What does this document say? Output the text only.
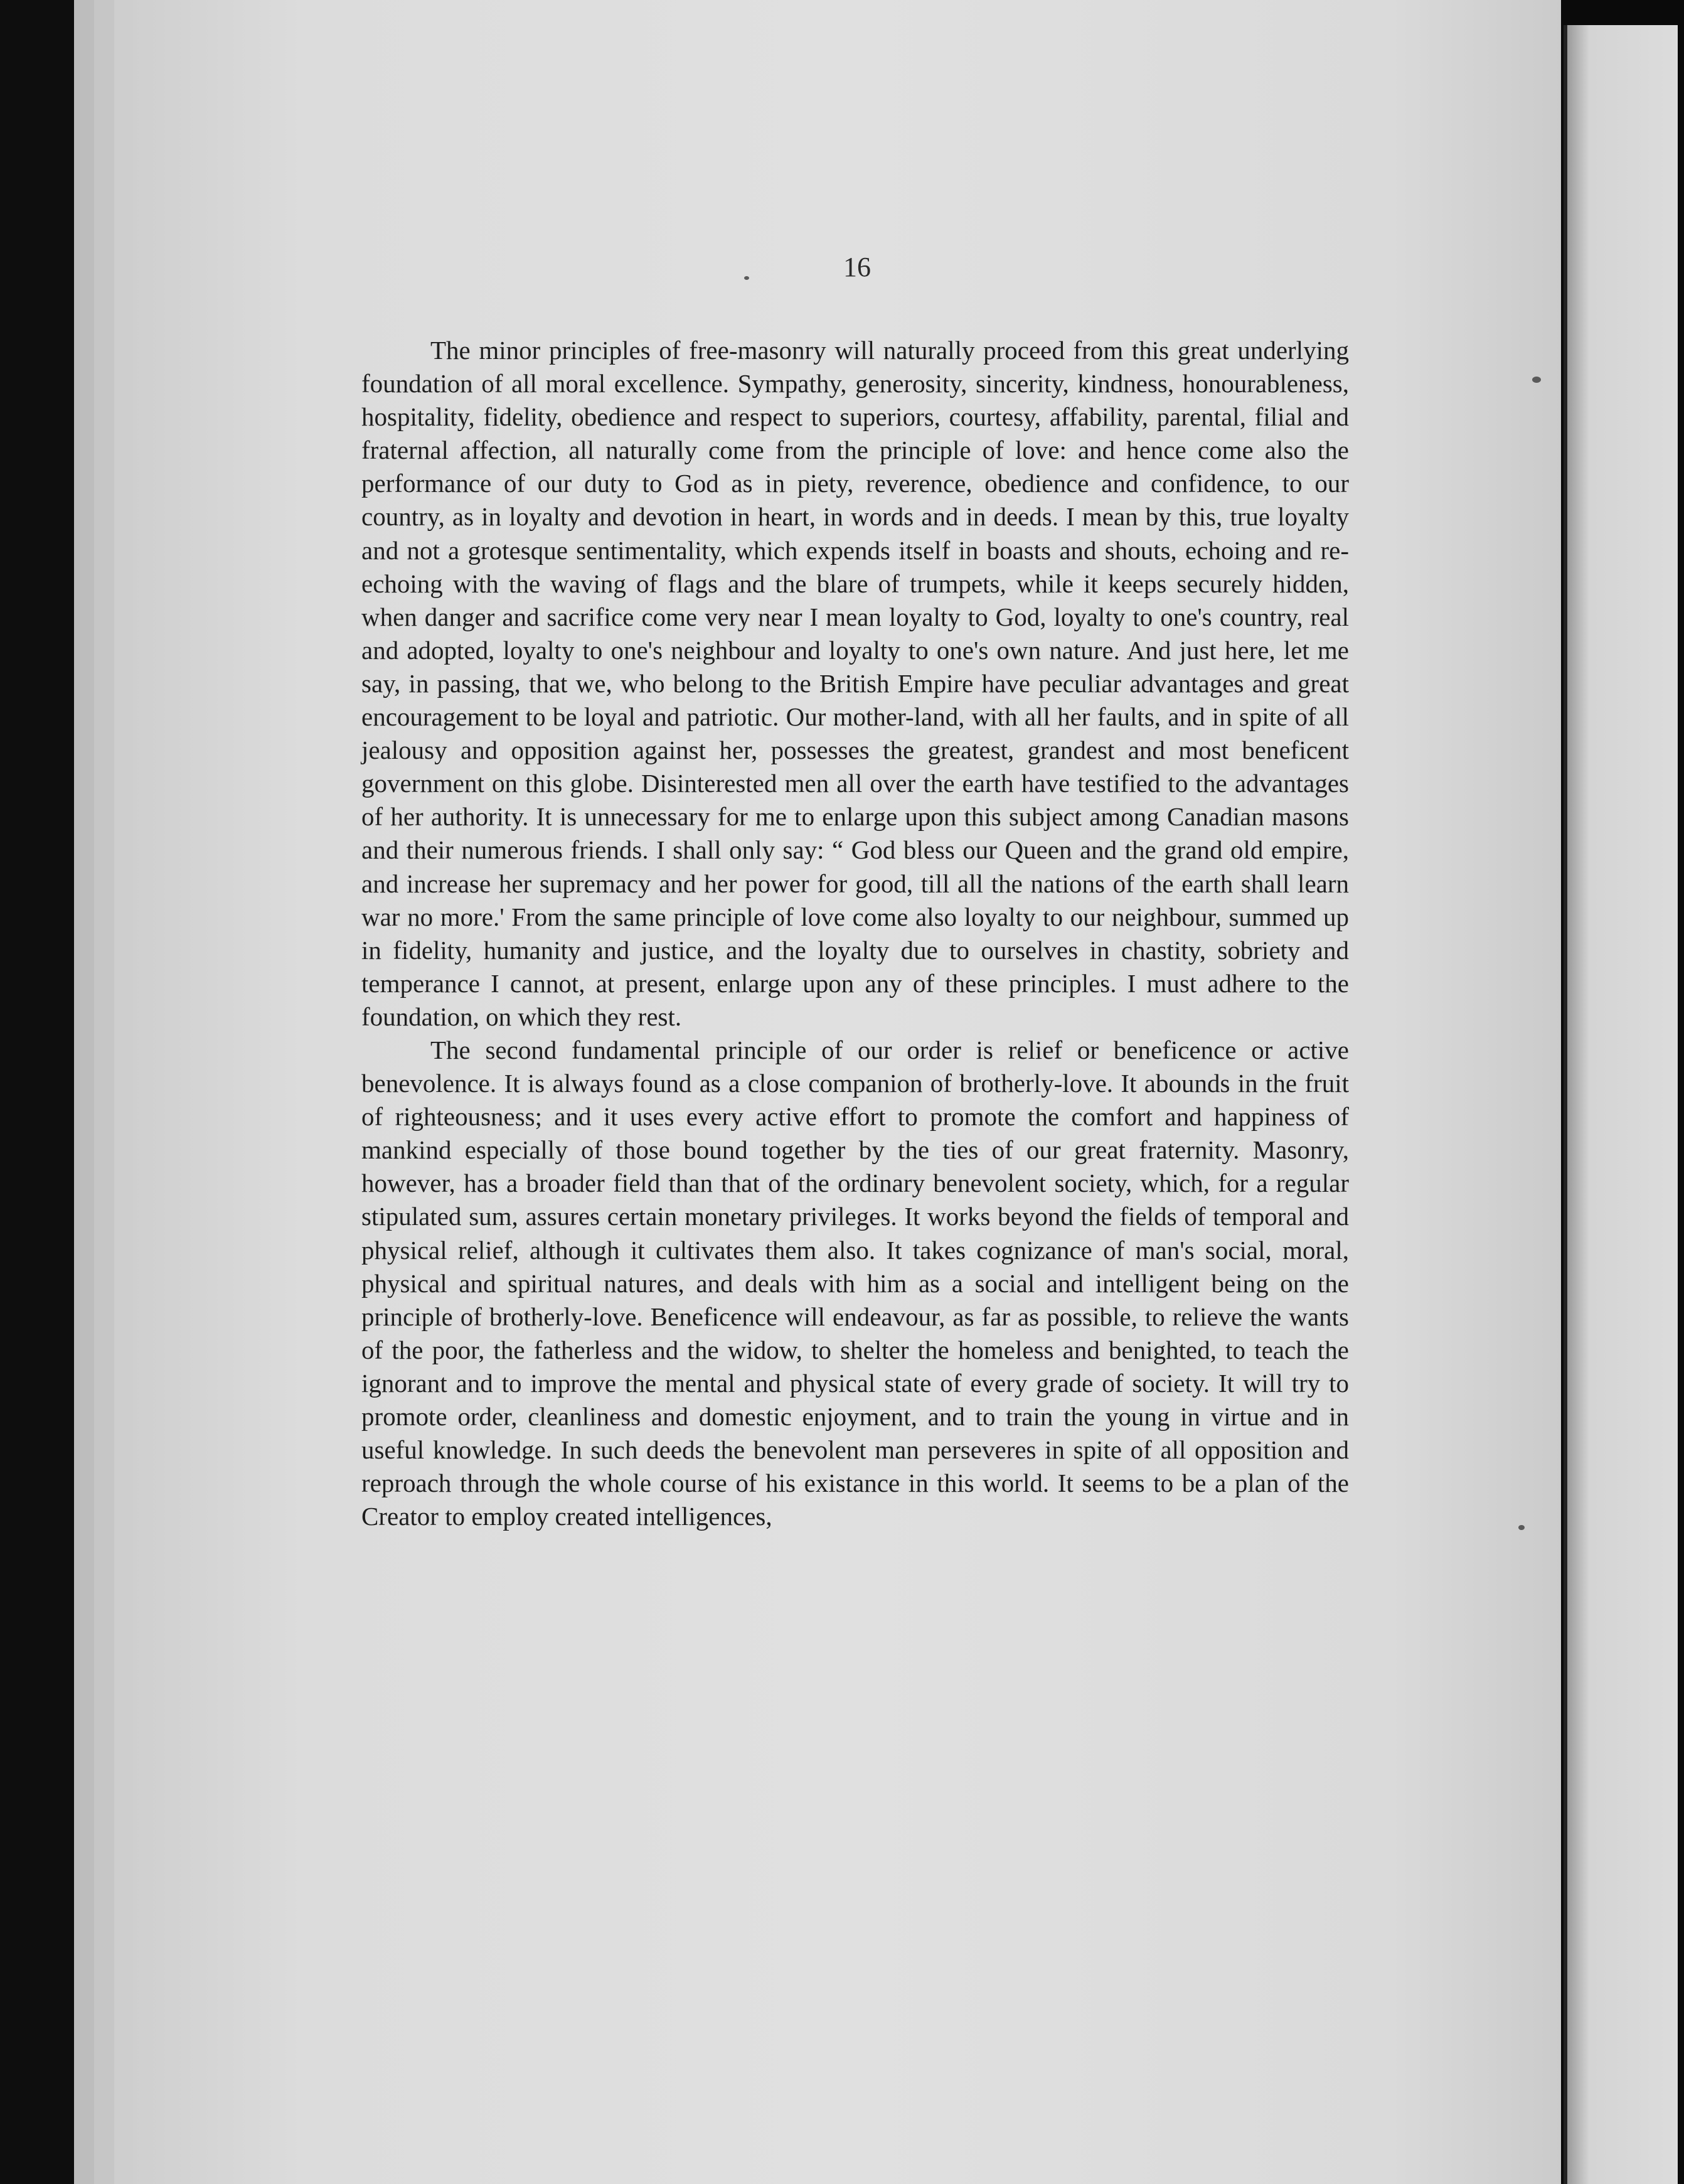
16

The minor principles of free-masonry will naturally proceed from this great underlying foundation of all moral excellence. Sympathy, generosity, sincerity, kindness, honourableness, hospitality, fidelity, obedience and respect to superiors, courtesy, affability, parental, filial and fraternal affection, all naturally come from the principle of love: and hence come also the performance of our duty to God as in piety, reverence, obedience and confidence, to our country, as in loyalty and devotion in heart, in words and in deeds. I mean by this, true loyalty and not a grotesque sentimentality, which expends itself in boasts and shouts, echoing and re-echoing with the waving of flags and the blare of trumpets, while it keeps securely hidden, when danger and sacrifice come very near I mean loyalty to God, loyalty to one's country, real and adopted, loyalty to one's neighbour and loyalty to one's own nature. And just here, let me say, in passing, that we, who belong to the British Empire have peculiar advantages and great encouragement to be loyal and patriotic. Our mother-land, with all her faults, and in spite of all jealousy and opposition against her, possesses the greatest, grandest and most beneficent government on this globe. Disinterested men all over the earth have testified to the advantages of her authority. It is unnecessary for me to enlarge upon this subject among Canadian masons and their numerous friends. I shall only say: “ God bless our Queen and the grand old empire, and increase her supremacy and her power for good, till all the nations of the earth shall learn war no more.' From the same principle of love come also loyalty to our neighbour, summed up in fidelity, humanity and justice, and the loyalty due to ourselves in chastity, sobriety and temperance I cannot, at present, enlarge upon any of these principles. I must adhere to the foundation, on which they rest.

The second fundamental principle of our order is relief or beneficence or active benevolence. It is always found as a close companion of brotherly-love. It abounds in the fruit of righteousness; and it uses every active effort to promote the comfort and happiness of mankind especially of those bound together by the ties of our great fraternity. Masonry, however, has a broader field than that of the ordinary benevolent society, which, for a regular stipulated sum, assures certain monetary privileges. It works beyond the fields of temporal and physical relief, although it cultivates them also. It takes cognizance of man's social, moral, physical and spiritual natures, and deals with him as a social and intelligent being on the principle of brotherly-love. Beneficence will endeavour, as far as possible, to relieve the wants of the poor, the fatherless and the widow, to shelter the homeless and benighted, to teach the ignorant and to improve the mental and physical state of every grade of society. It will try to promote order, cleanliness and domestic enjoyment, and to train the young in virtue and in useful knowledge. In such deeds the benevolent man perseveres in spite of all opposition and reproach through the whole course of his existance in this world. It seems to be a plan of the Creator to employ created intelligences,
